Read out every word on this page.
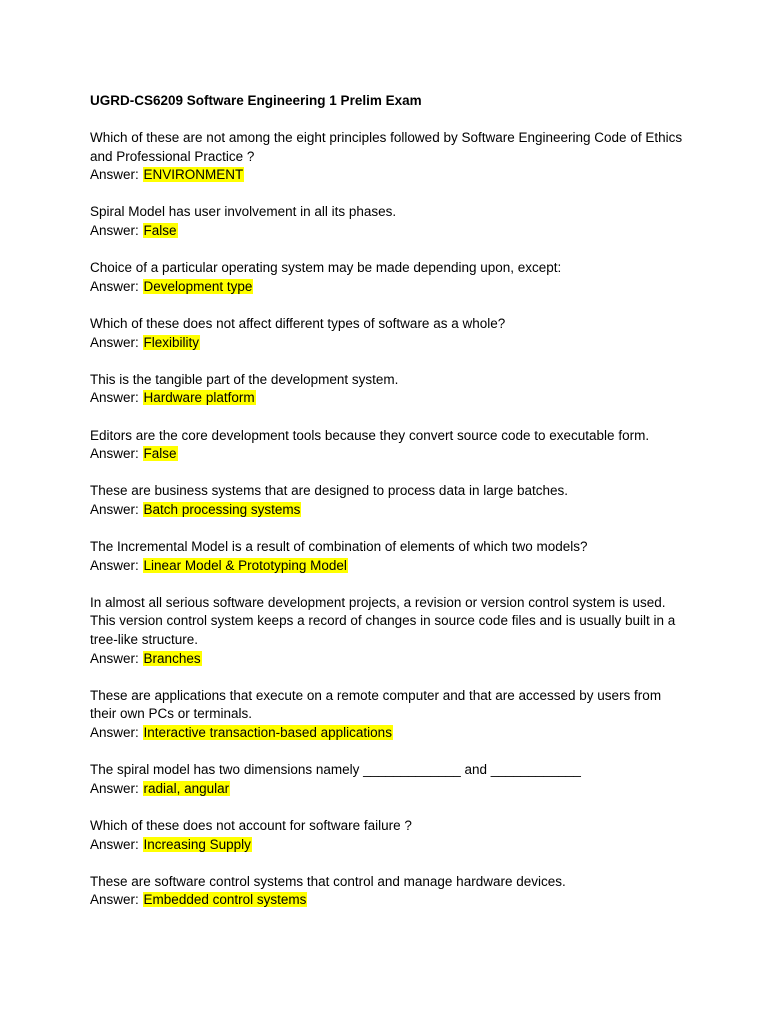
UGRD-CS6209 Software Engineering 1 Prelim Exam
Which of these are not among the eight principles followed by Software Engineering Code of Ethics and Professional Practice ?
Answer: ENVIRONMENT
Spiral Model has user involvement in all its phases.
Answer: False
Choice of a particular operating system may be made depending upon, except:
Answer: Development type
Which of these does not affect different types of software as a whole?
Answer: Flexibility
This is the tangible part of the development system.
Answer: Hardware platform
Editors are the core development tools because they convert source code to executable form.
Answer: False
These are business systems that are designed to process data in large batches.
Answer: Batch processing systems
The Incremental Model is a result of combination of elements of which two models?
Answer: Linear Model & Prototyping Model
In almost all serious software development projects, a revision or version control system is used. This version control system keeps a record of changes in source code files and is usually built in a tree-like structure.
Answer: Branches
These are applications that execute on a remote computer and that are accessed by users from their own PCs or terminals.
Answer: Interactive transaction-based applications
The spiral model has two dimensions namely _____________ and ____________
Answer: radial, angular
Which of these does not account for software failure ?
Answer: Increasing Supply
These are software control systems that control and manage hardware devices.
Answer: Embedded control systems
